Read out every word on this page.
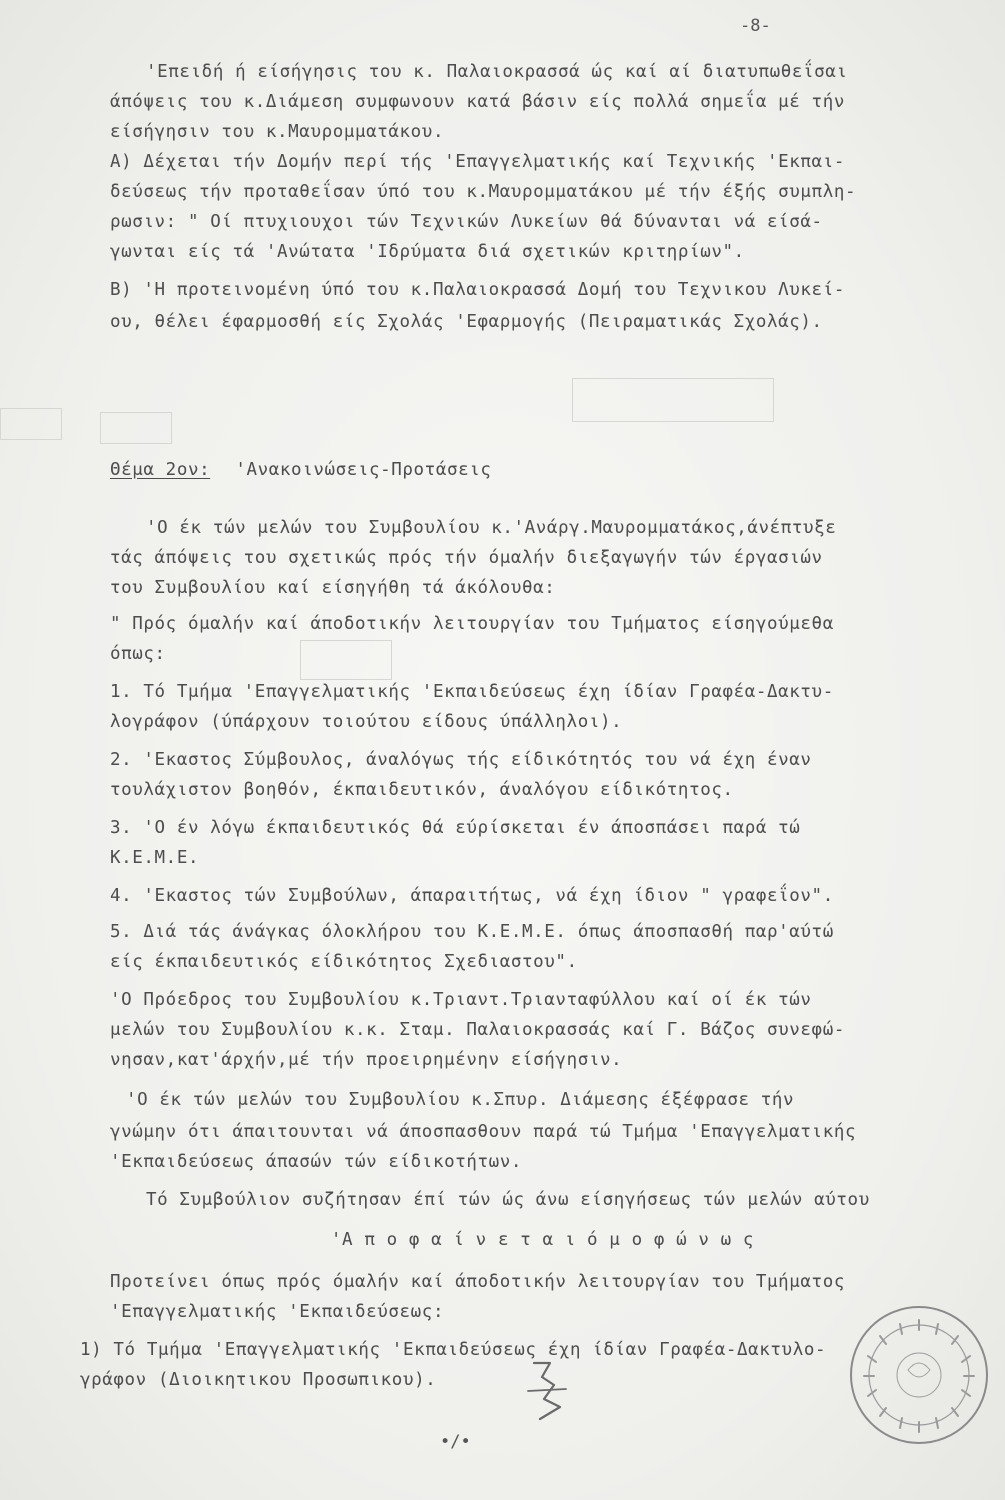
-8-
'Επειδή ή είσήγησις του κ. Παλαιοκρασσά ώς καί αί διατυπωθεΐσαι
άπόψεις του κ.Διάμεση συμφωνουν κατά βάσιν είς πολλά σημεΐα μέ τήν
είσήγησιν του κ.Μαυρομματάκου.
Α) Δέχεται τήν Δομήν περί τής 'Επαγγελματικής καί Τεχνικής 'Εκπαι-
δεύσεως τήν προταθεΐσαν ύπό του κ.Μαυρομματάκου μέ τήν έξής συμπλη-
ρωσιν: " Οί πτυχιουχοι τών Τεχνικών Λυκείων θά δύνανται νά είσά-
γωνται είς τά 'Ανώτατα 'Ιδρύματα διά σχετικών κριτηρίων".
Β) 'Η προτεινομένη ύπό του κ.Παλαιοκρασσά Δομή του Τεχνικου Λυκεί-
ου, θέλει έφαρμοσθή είς Σχολάς 'Εφαρμογής (Πειραματικάς Σχολάς).
Θέμα 2ον: 'Ανακοινώσεις-Προτάσεις
'Ο έκ τών μελών του Συμβουλίου κ.'Ανάργ.Μαυρομματάκος,άνέπτυξε
τάς άπόψεις του σχετικώς πρός τήν όμαλήν διεξαγωγήν τών έργασιών
του Συμβουλίου καί είσηγήθη τά άκόλουθα:
" Πρός όμαλήν καί άποδοτικήν λειτουργίαν του Τμήματος είσηγούμεθα
όπως:
1. Τό Τμήμα 'Επαγγελματικής 'Εκπαιδεύσεως έχη ίδίαν Γραφέα-Δακτυ-
λογράφον (ύπάρχουν τοιούτου είδους ύπάλληλοι).
2. 'Εκαστος Σύμβουλος, άναλόγως τής είδικότητός του νά έχη έναν
τουλάχιστον βοηθόν, έκπαιδευτικόν, άναλόγου είδικότητος.
3. 'Ο έν λόγω έκπαιδευτικός θά εύρίσκεται έν άποσπάσει παρά τώ
Κ.Ε.Μ.Ε.
4. 'Εκαστος τών Συμβούλων, άπαραιτήτως, νά έχη ίδιον " γραφεΐον".
5. Διά τάς άνάγκας όλοκλήρου του Κ.Ε.Μ.Ε. όπως άποσπασθή παρ'αύτώ
είς έκπαιδευτικός είδικότητος Σχεδιαστου".
'Ο Πρόεδρος του Συμβουλίου κ.Τριαντ.Τριανταφύλλου καί οί έκ τών
μελών του Συμβουλίου κ.κ. Σταμ. Παλαιοκρασσάς καί Γ. Βάζος συνεφώ-
νησαν,κατ'άρχήν,μέ τήν προειρημένην είσήγησιν.
'Ο έκ τών μελών του Συμβουλίου κ.Σπυρ. Διάμεσης έξέφρασε τήν
γνώμην ότι άπαιτουνται νά άποσπασθουν παρά τώ Τμήμα 'Επαγγελματικής
'Εκπαιδεύσεως άπασών τών είδικοτήτων.
Τό Συμβούλιον συζήτησαν έπί τών ώς άνω είσηγήσεως τών μελών αύτου
'Α π ο φ α ί ν ε τ α ι ό μ ο φ ώ ν ω ς
Προτείνει όπως πρός όμαλήν καί άποδοτικήν λειτουργίαν του Τμήματος
'Επαγγελματικής 'Εκπαιδεύσεως:
1) Τό Τμήμα 'Επαγγελματικής 'Εκπαιδεύσεως έχη ίδίαν Γραφέα-Δακτυλο-
γράφον (Διοικητικου Προσωπικου).
•/•
